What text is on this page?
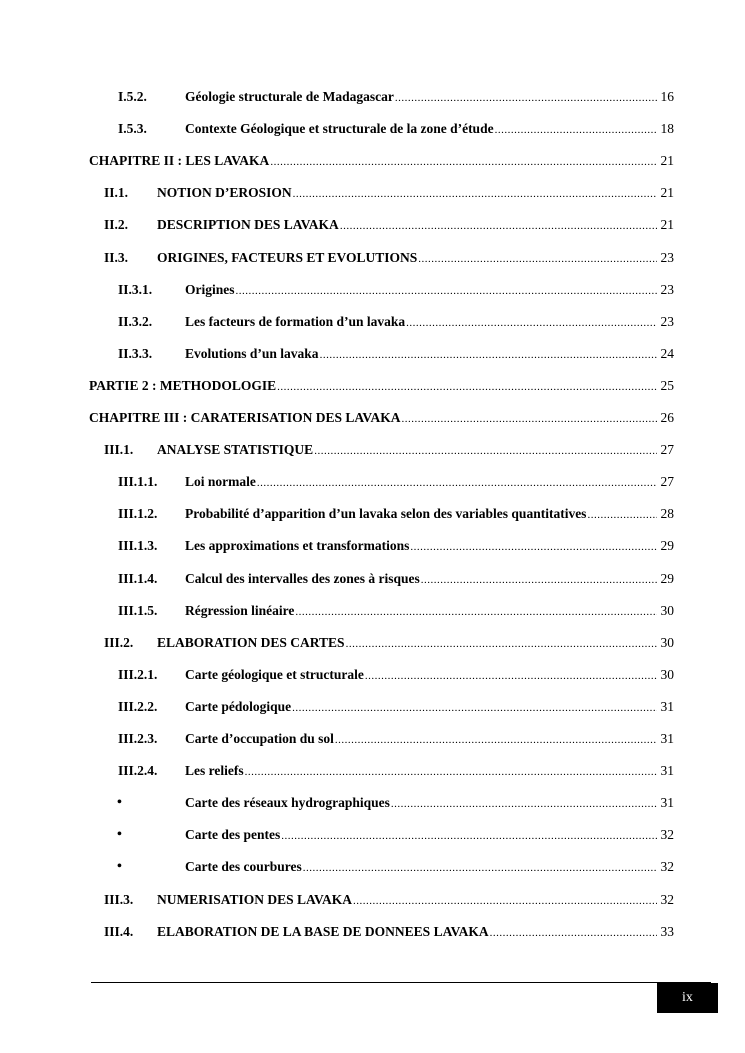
I.5.2.	Géologie structurale de Madagascar .....	16
I.5.3.	Contexte Géologique et structurale de la zone d’étude .....	18
CHAPITRE II : LES LAVAKA .....	21
II.1. NOTION D’EROSION .....	21
II.2. DESCRIPTION DES LAVAKA .....	21
II.3. ORIGINES, FACTEURS ET EVOLUTIONS .....	23
II.3.1. Origines .....	23
II.3.2. Les facteurs de formation d’un lavaka .....	23
II.3.3. Evolutions d’un lavaka .....	24
PARTIE 2 : METHODOLOGIE .....	25
CHAPITRE III : CARATERISATION DES LAVAKA .....	26
III.1. ANALYSE STATISTIQUE .....	27
III.1.1. Loi normale .....	27
III.1.2. Probabilité d’apparition d’un lavaka selon des variables quantitatives .....	28
III.1.3. Les approximations et transformations .....	29
III.1.4. Calcul des intervalles des zones à risques .....	29
III.1.5. Régression linéaire .....	30
III.2. ELABORATION DES CARTES .....	30
III.2.1. Carte géologique et structurale .....	30
III.2.2. Carte pédologique .....	31
III.2.3. Carte d’occupation du sol .....	31
III.2.4. Les reliefs .....	31
•	Carte des réseaux hydrographiques .....	31
•	Carte des pentes .....	32
•	Carte des courbures .....	32
III.3. NUMERISATION DES LAVAKA .....	32
III.4. ELABORATION DE LA BASE DE DONNEES LAVAKA .....	33
ix
